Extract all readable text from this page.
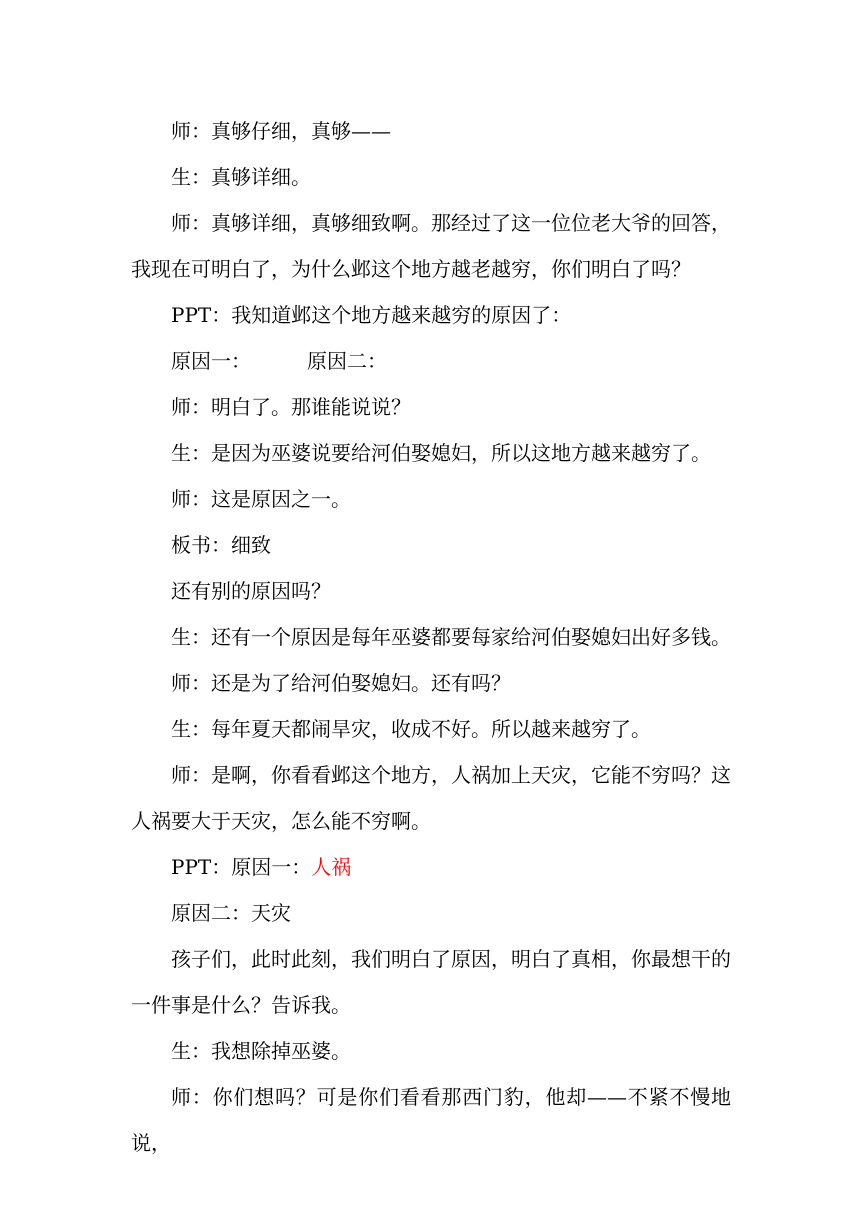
师：真够仔细，真够——

生：真够详细。

师：真够详细，真够细致啊。那经过了这一位位老大爷的回答，我现在可明白了，为什么邺这个地方越老越穷，你们明白了吗？

PPT：我知道邺这个地方越来越穷的原因了：

原因一：	原因二：

师：明白了。那谁能说说？

生：是因为巫婆说要给河伯娶媳妇，所以这地方越来越穷了。

师：这是原因之一。

板书：细致

还有别的原因吗？

生：还有一个原因是每年巫婆都要每家给河伯娶媳妇出好多钱。

师：还是为了给河伯娶媳妇。还有吗？

生：每年夏天都闹旱灾，收成不好。所以越来越穷了。

师：是啊，你看看邺这个地方，人祸加上天灾，它能不穷吗？这人祸要大于天灾，怎么能不穷啊。

PPT：原因一：人祸

原因二：天灾

孩子们，此时此刻，我们明白了原因，明白了真相，你最想干的一件事是什么？告诉我。

生：我想除掉巫婆。

师：你们想吗？可是你们看看那西门豹，他却——不紧不慢地说，
